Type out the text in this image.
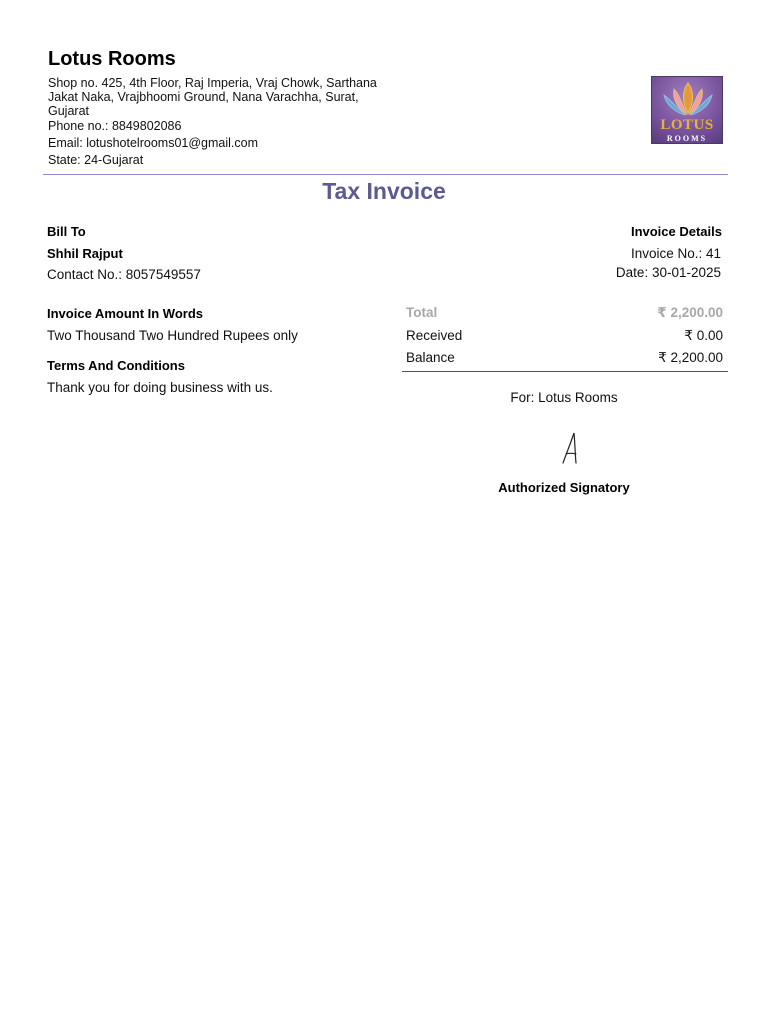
Lotus Rooms
Shop no. 425, 4th Floor, Raj Imperia, Vraj Chowk, Sarthana Jakat Naka, Vrajbhoomi Ground, Nana Varachha, Surat, Gujarat
Phone no.: 8849802086
Email: lotushotelrooms01@gmail.com
State: 24-Gujarat
LOTUS
ROOMS
Tax Invoice
Bill To
Shhil Rajput
Contact No.: 8057549557
Invoice Details
Invoice No.: 41
Date: 30-01-2025
Invoice Amount In Words
Two Thousand Two Hundred Rupees only
Terms And Conditions
Thank you for doing business with us.
Total	₹ 2,200.00
Received	₹ 0.00
Balance	₹ 2,200.00
For: Lotus Rooms
Authorized Signatory
